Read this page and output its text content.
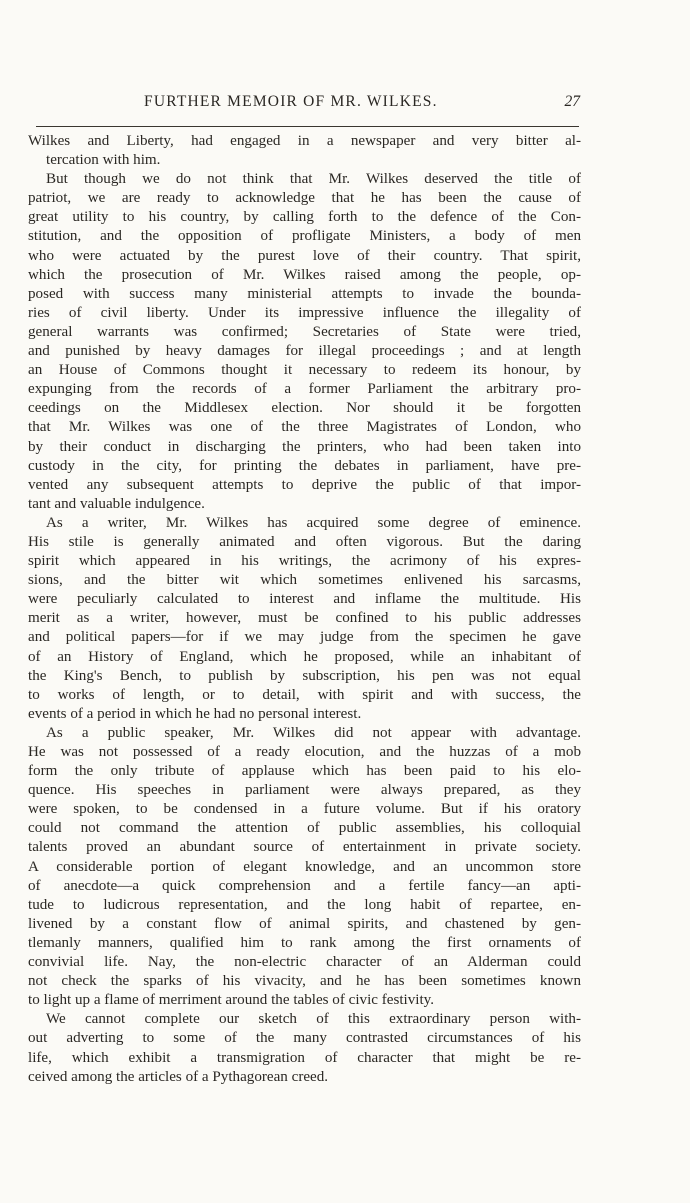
FURTHER MEMOIR OF MR. WILKES.	27
Wilkes and Liberty, had engaged in a newspaper and very bitter al-
tercation with him.
But though we do not think that Mr. Wilkes deserved the title of
patriot, we are ready to acknowledge that he has been the cause of
great utility to his country, by calling forth to the defence of the Con-
stitution, and the opposition of profligate Ministers, a body of men
who were actuated by the purest love of their country. That spirit,
which the prosecution of Mr. Wilkes raised among the people, op-
posed with success many ministerial attempts to invade the bounda-
ries of civil liberty. Under its impressive influence the illegality of
general warrants was confirmed; Secretaries of State were tried,
and punished by heavy damages for illegal proceedings ; and at length
an House of Commons thought it necessary to redeem its honour, by
expunging from the records of a former Parliament the arbitrary pro-
ceedings on the Middlesex election. Nor should it be forgotten
that Mr. Wilkes was one of the three Magistrates of London, who
by their conduct in discharging the printers, who had been taken into
custody in the city, for printing the debates in parliament, have pre-
vented any subsequent attempts to deprive the public of that impor-
tant and valuable indulgence.
As a writer, Mr. Wilkes has acquired some degree of eminence.
His stile is generally animated and often vigorous. But the daring
spirit which appeared in his writings, the acrimony of his expres-
sions, and the bitter wit which sometimes enlivened his sarcasms,
were peculiarly calculated to interest and inflame the multitude. His
merit as a writer, however, must be confined to his public addresses
and political papers—for if we may judge from the specimen he gave
of an History of England, which he proposed, while an inhabitant of
the King's Bench, to publish by subscription, his pen was not equal
to works of length, or to detail, with spirit and with success, the
events of a period in which he had no personal interest.
As a public speaker, Mr. Wilkes did not appear with advantage.
He was not possessed of a ready elocution, and the huzzas of a mob
form the only tribute of applause which has been paid to his elo-
quence. His speeches in parliament were always prepared, as they
were spoken, to be condensed in a future volume. But if his oratory
could not command the attention of public assemblies, his colloquial
talents proved an abundant source of entertainment in private society.
A considerable portion of elegant knowledge, and an uncommon store
of anecdote—a quick comprehension and a fertile fancy—an apti-
tude to ludicrous representation, and the long habit of repartee, en-
livened by a constant flow of animal spirits, and chastened by gen-
tlemanly manners, qualified him to rank among the first ornaments of
convivial life. Nay, the non-electric character of an Alderman could
not check the sparks of his vivacity, and he has been sometimes known
to light up a flame of merriment around the tables of civic festivity.
We cannot complete our sketch of this extraordinary person with-
out adverting to some of the many contrasted circumstances of his
life, which exhibit a transmigration of character that might be re-
ceived among the articles of a Pythagorean creed.
